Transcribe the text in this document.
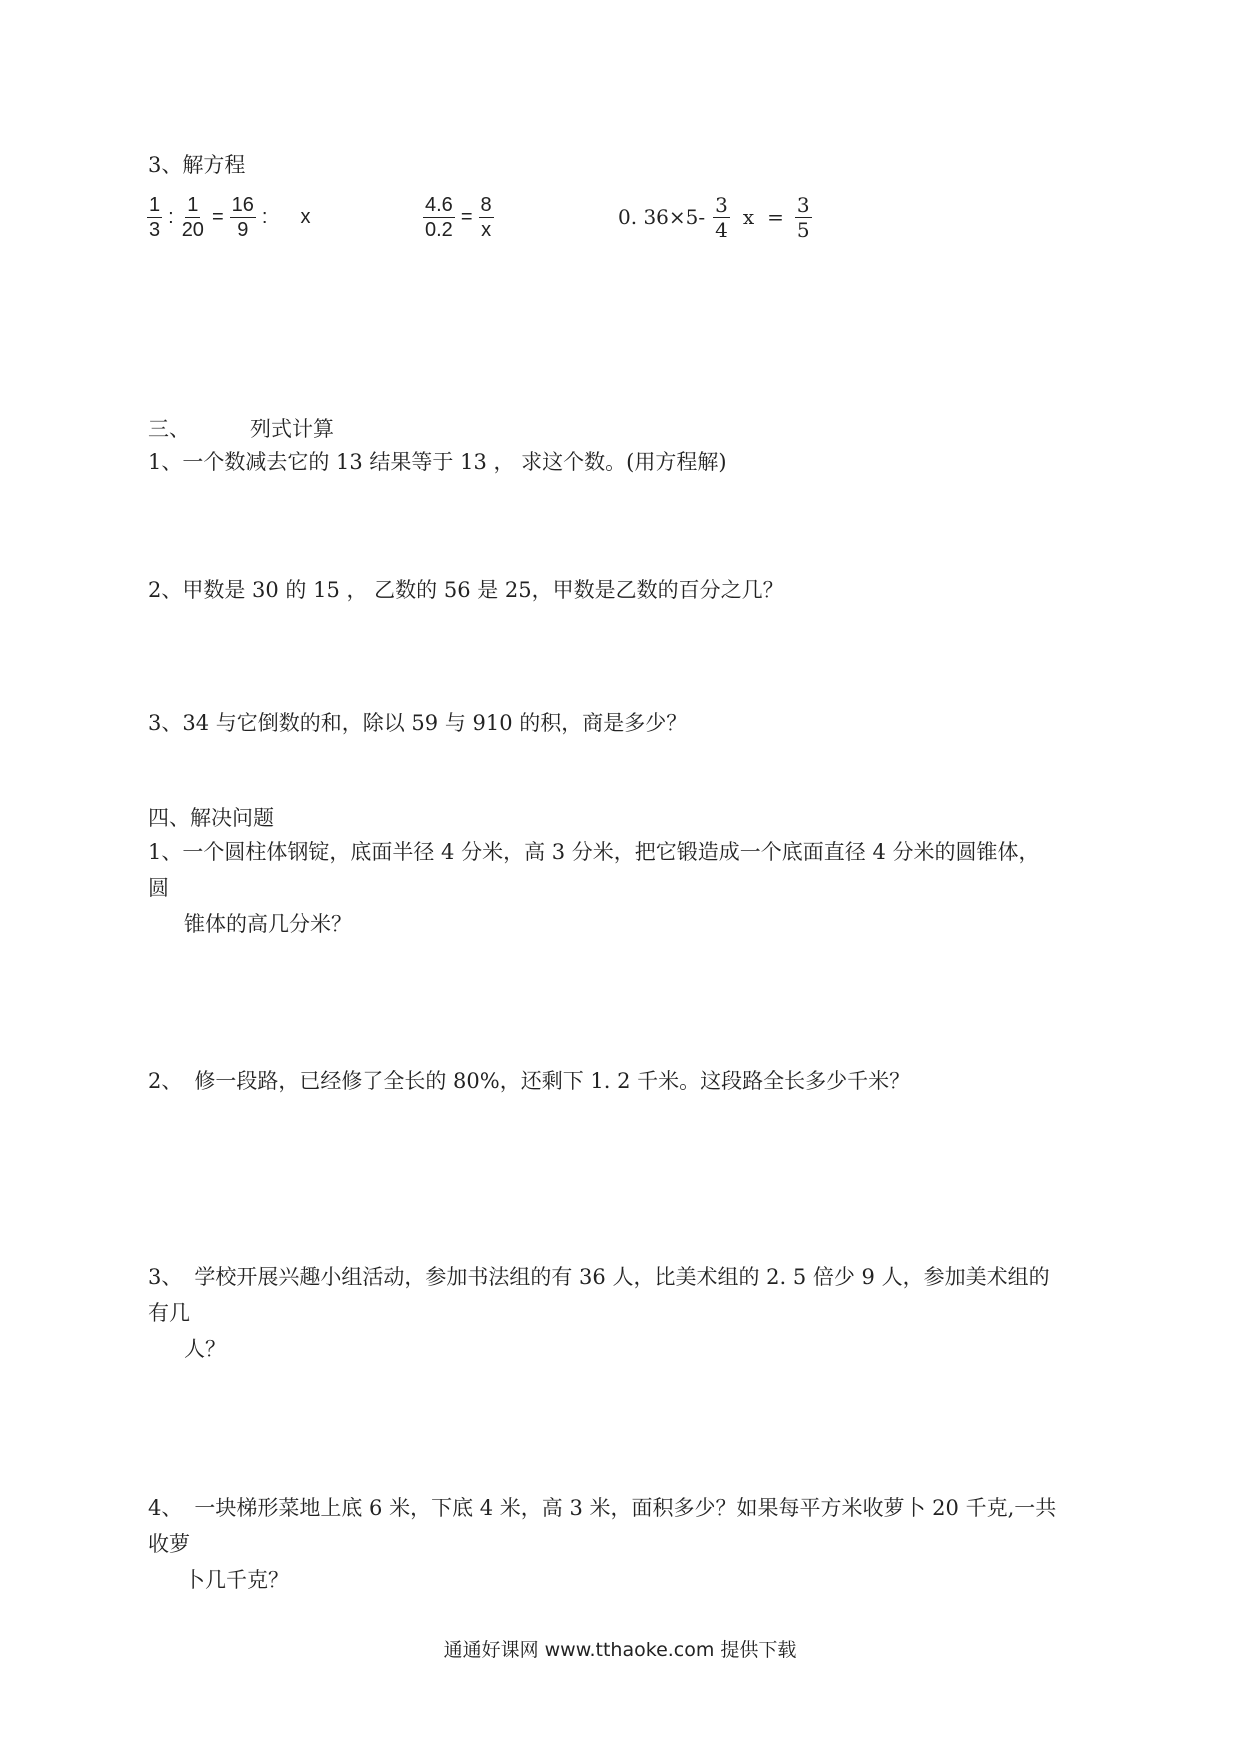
3、解方程
$\frac{1}{3}$ : $\frac{1}{20} = \frac{16}{9}$ : x	$\frac{4.6}{0.2} = \frac{8}{x}$	0. $36\times 5- \frac{3}{4}$ $x = \frac{3}{5}$
三、	列式计算
1、一个数减去它的 13 结果等于 13 ， 求这个数。(用方程解)
2、甲数是 30 的 15 ， 乙数的 56 是 25，甲数是乙数的百分之几？
3、34 与它倒数的和，除以 59 与 910 的积，商是多少？
四、解决问题
1、一个圆柱体钢锭，底面半径 4 分米，高 3 分米，把它锻造成一个底面直径 4 分米的圆锥体，圆
锥体的高几分米？
2、 修一段路，已经修了全长的 80%，还剩下 1. 2 千米。这段路全长多少千米？
3、 学校开展兴趣小组活动，参加书法组的有 36 人，比美术组的 2. 5 倍少 9 人，参加美术组的有几
人？
4、 一块梯形菜地上底 6 米，下底 4 米，高 3 米，面积多少？如果每平方米收萝卜 20 千克,一共收萝
卜几千克？
通通好课网 www.tthaoke.com 提供下载
